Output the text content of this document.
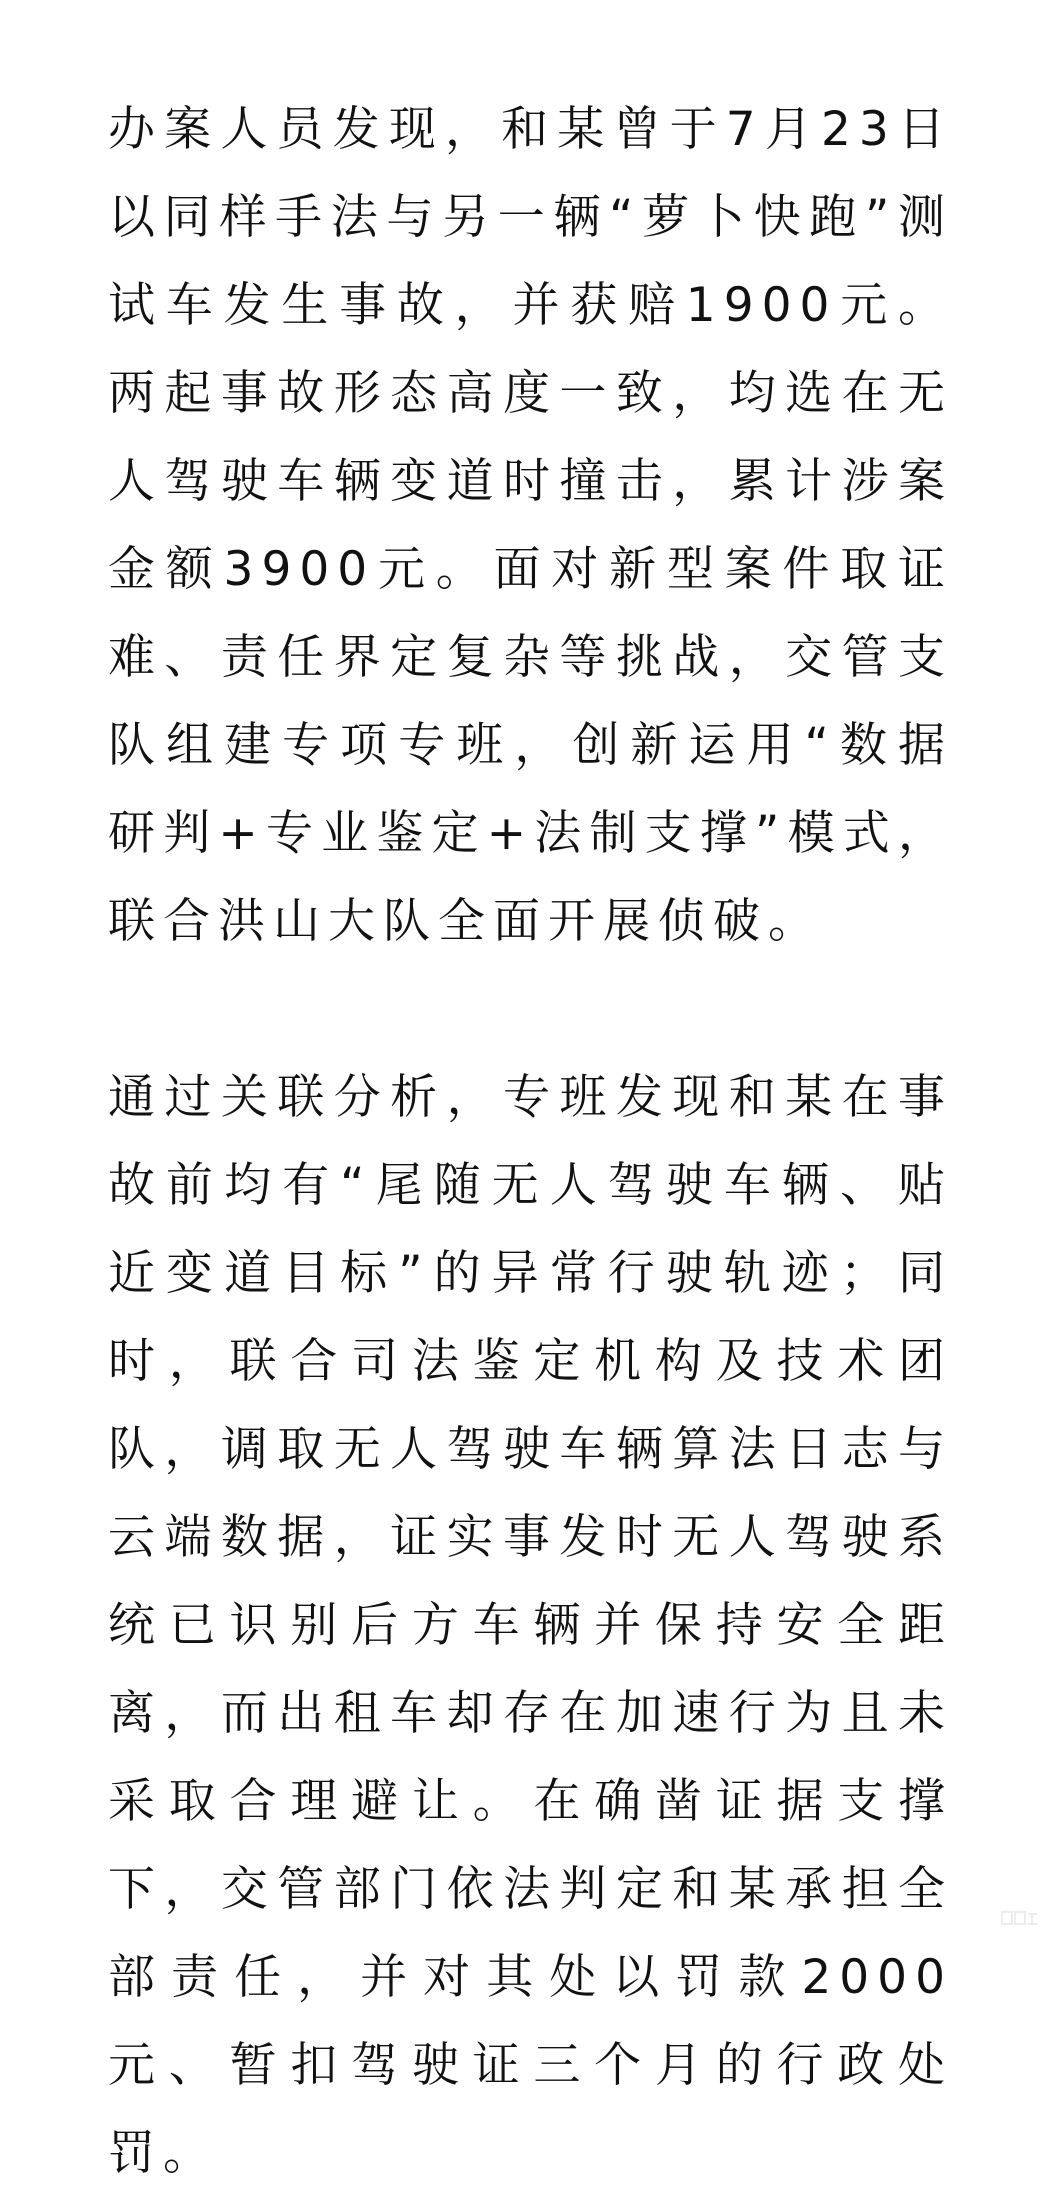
办案人员发现，和某曾于7月23日以同样手法与另一辆“萝卜快跑”测试车发生事故，并获赔1900元。两起事故形态高度一致，均选在无人驾驶车辆变道时撞击，累计涉案金额3900元。面对新型案件取证难、责任界定复杂等挑战，交管支队组建专项专班，创新运用“数据研判+专业鉴定+法制支撑”模式，联合洪山大队全面开展侦破。

通过关联分析，专班发现和某在事故前均有“尾随无人驾驶车辆、贴近变道目标”的异常行驶轨迹；同时，联合司法鉴定机构及技术团队，调取无人驾驶车辆算法日志与云端数据，证实事发时无人驾驶系统已识别后方车辆并保持安全距离，而出租车却存在加速行为且未采取合理避让。在确凿证据支撑下，交管部门依法判定和某承担全部责任，并对其处以罚款2000元、暂扣驾驶证三个月的行政处罚。
